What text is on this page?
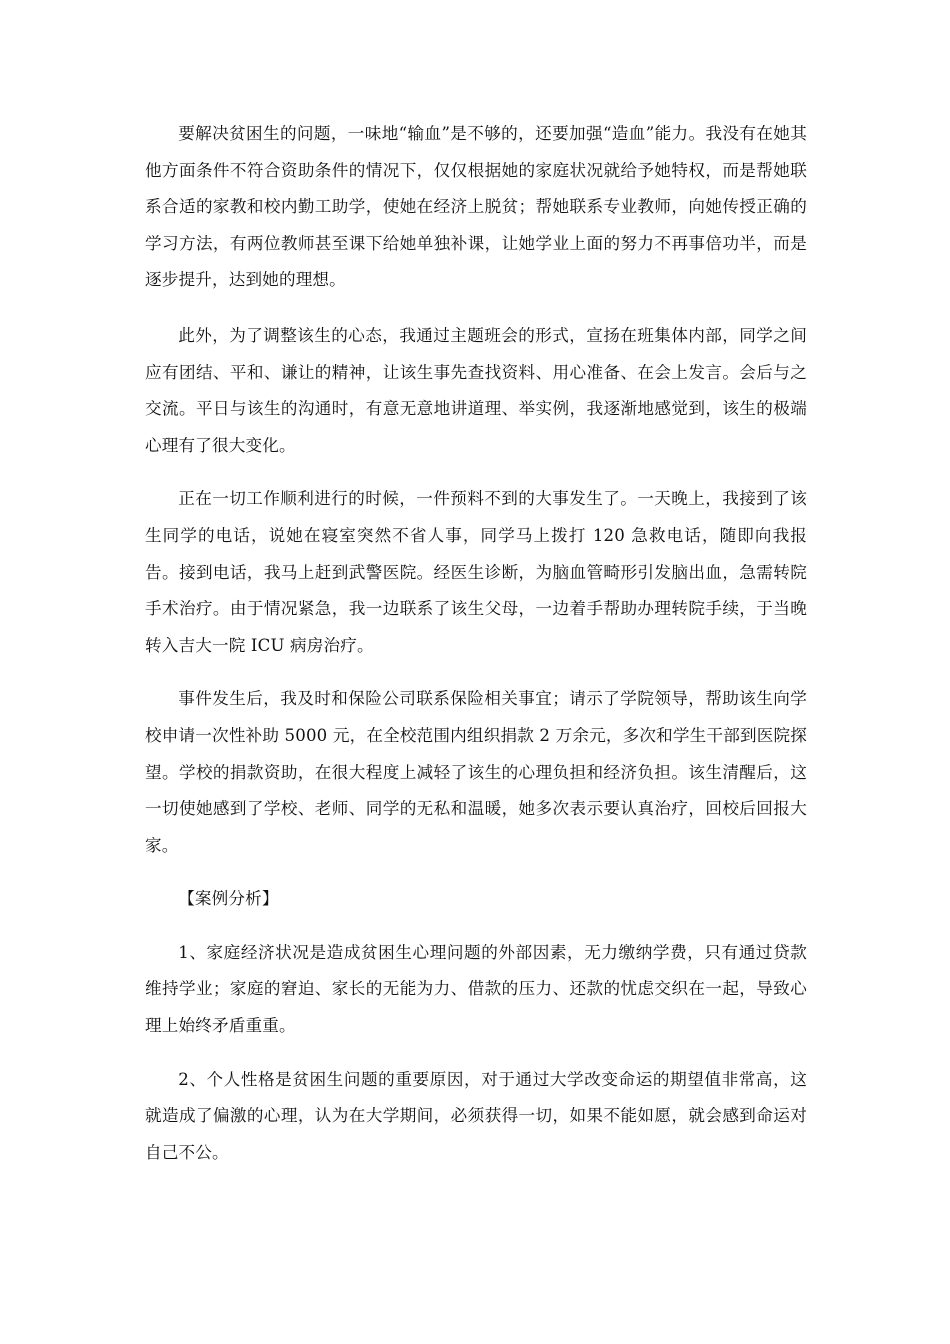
要解决贫困生的问题，一味地“输血”是不够的，还要加强“造血”能力。我没有在她其他方面条件不符合资助条件的情况下，仅仅根据她的家庭状况就给予她特权，而是帮她联系合适的家教和校内勤工助学，使她在经济上脱贫；帮她联系专业教师，向她传授正确的学习方法，有两位教师甚至课下给她单独补课，让她学业上面的努力不再事倍功半，而是逐步提升，达到她的理想。

此外，为了调整该生的心态，我通过主题班会的形式，宣扬在班集体内部，同学之间应有团结、平和、谦让的精神，让该生事先查找资料、用心准备、在会上发言。会后与之交流。平日与该生的沟通时，有意无意地讲道理、举实例，我逐渐地感觉到，该生的极端心理有了很大变化。

正在一切工作顺利进行的时候，一件预料不到的大事发生了。一天晚上，我接到了该生同学的电话，说她在寝室突然不省人事，同学马上拨打 120 急救电话，随即向我报告。接到电话，我马上赶到武警医院。经医生诊断，为脑血管畸形引发脑出血，急需转院手术治疗。由于情况紧急，我一边联系了该生父母，一边着手帮助办理转院手续，于当晚转入吉大一院 ICU 病房治疗。

事件发生后，我及时和保险公司联系保险相关事宜；请示了学院领导，帮助该生向学校申请一次性补助 5000 元，在全校范围内组织捐款 2 万余元，多次和学生干部到医院探望。学校的捐款资助，在很大程度上减轻了该生的心理负担和经济负担。该生清醒后，这一切使她感到了学校、老师、同学的无私和温暖，她多次表示要认真治疗，回校后回报大家。

【案例分析】

1、家庭经济状况是造成贫困生心理问题的外部因素，无力缴纳学费，只有通过贷款维持学业；家庭的窘迫、家长的无能为力、借款的压力、还款的忧虑交织在一起，导致心理上始终矛盾重重。

2、个人性格是贫困生问题的重要原因，对于通过大学改变命运的期望值非常高，这就造成了偏激的心理，认为在大学期间，必须获得一切，如果不能如愿，就会感到命运对自己不公。
